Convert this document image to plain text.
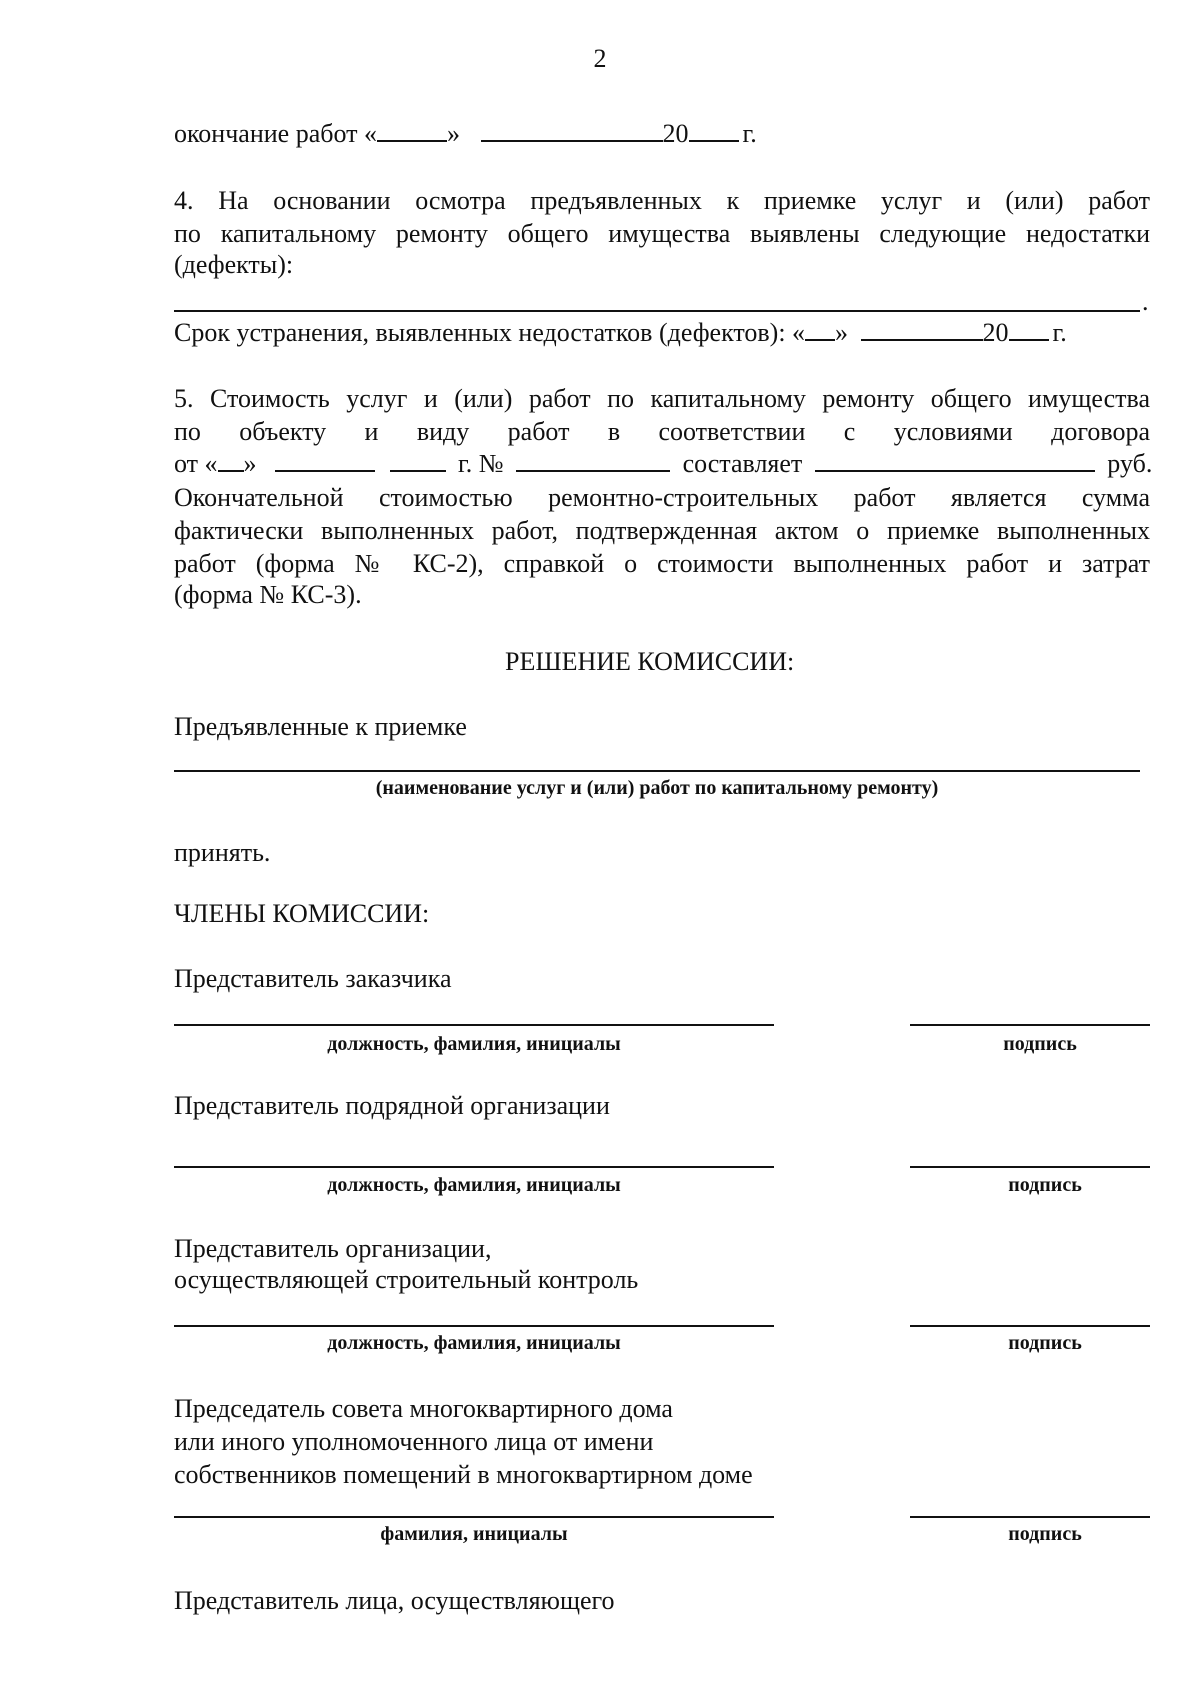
2
окончание работ «	»	20 г.
4. На основании осмотра предъявленных к приемке услуг и (или) работ
по капитальному ремонту общего имущества выявлены следующие недостатки
(дефекты):
.
Срок устранения, выявленных недостатков (дефектов): « »	20 г.
5. Стоимость услуг и (или) работ по капитальному ремонту общего имущества
по объекту и виду работ в соответствии с условиями договора
от « »	г. №	составляет	руб.
Окончательной стоимостью ремонтно-строительных работ является сумма
фактически выполненных работ, подтвержденная актом о приемке выполненных
работ (форма № КС-2), справкой о стоимости выполненных работ и затрат
(форма № КС-3).
РЕШЕНИЕ КОМИССИИ:
Предъявленные к приемке
(наименование услуг и (или) работ по капитальному ремонту)
принять.
ЧЛЕНЫ КОМИССИИ:
Представитель заказчика
должность, фамилия, инициалы	подпись
Представитель подрядной организации
должность, фамилия, инициалы	подпись
Представитель организации,
осуществляющей строительный контроль
должность, фамилия, инициалы	подпись
Председатель совета многоквартирного дома
или иного уполномоченного лица от имени
собственников помещений в многоквартирном доме
фамилия, инициалы	подпись
Представитель лица, осуществляющего
